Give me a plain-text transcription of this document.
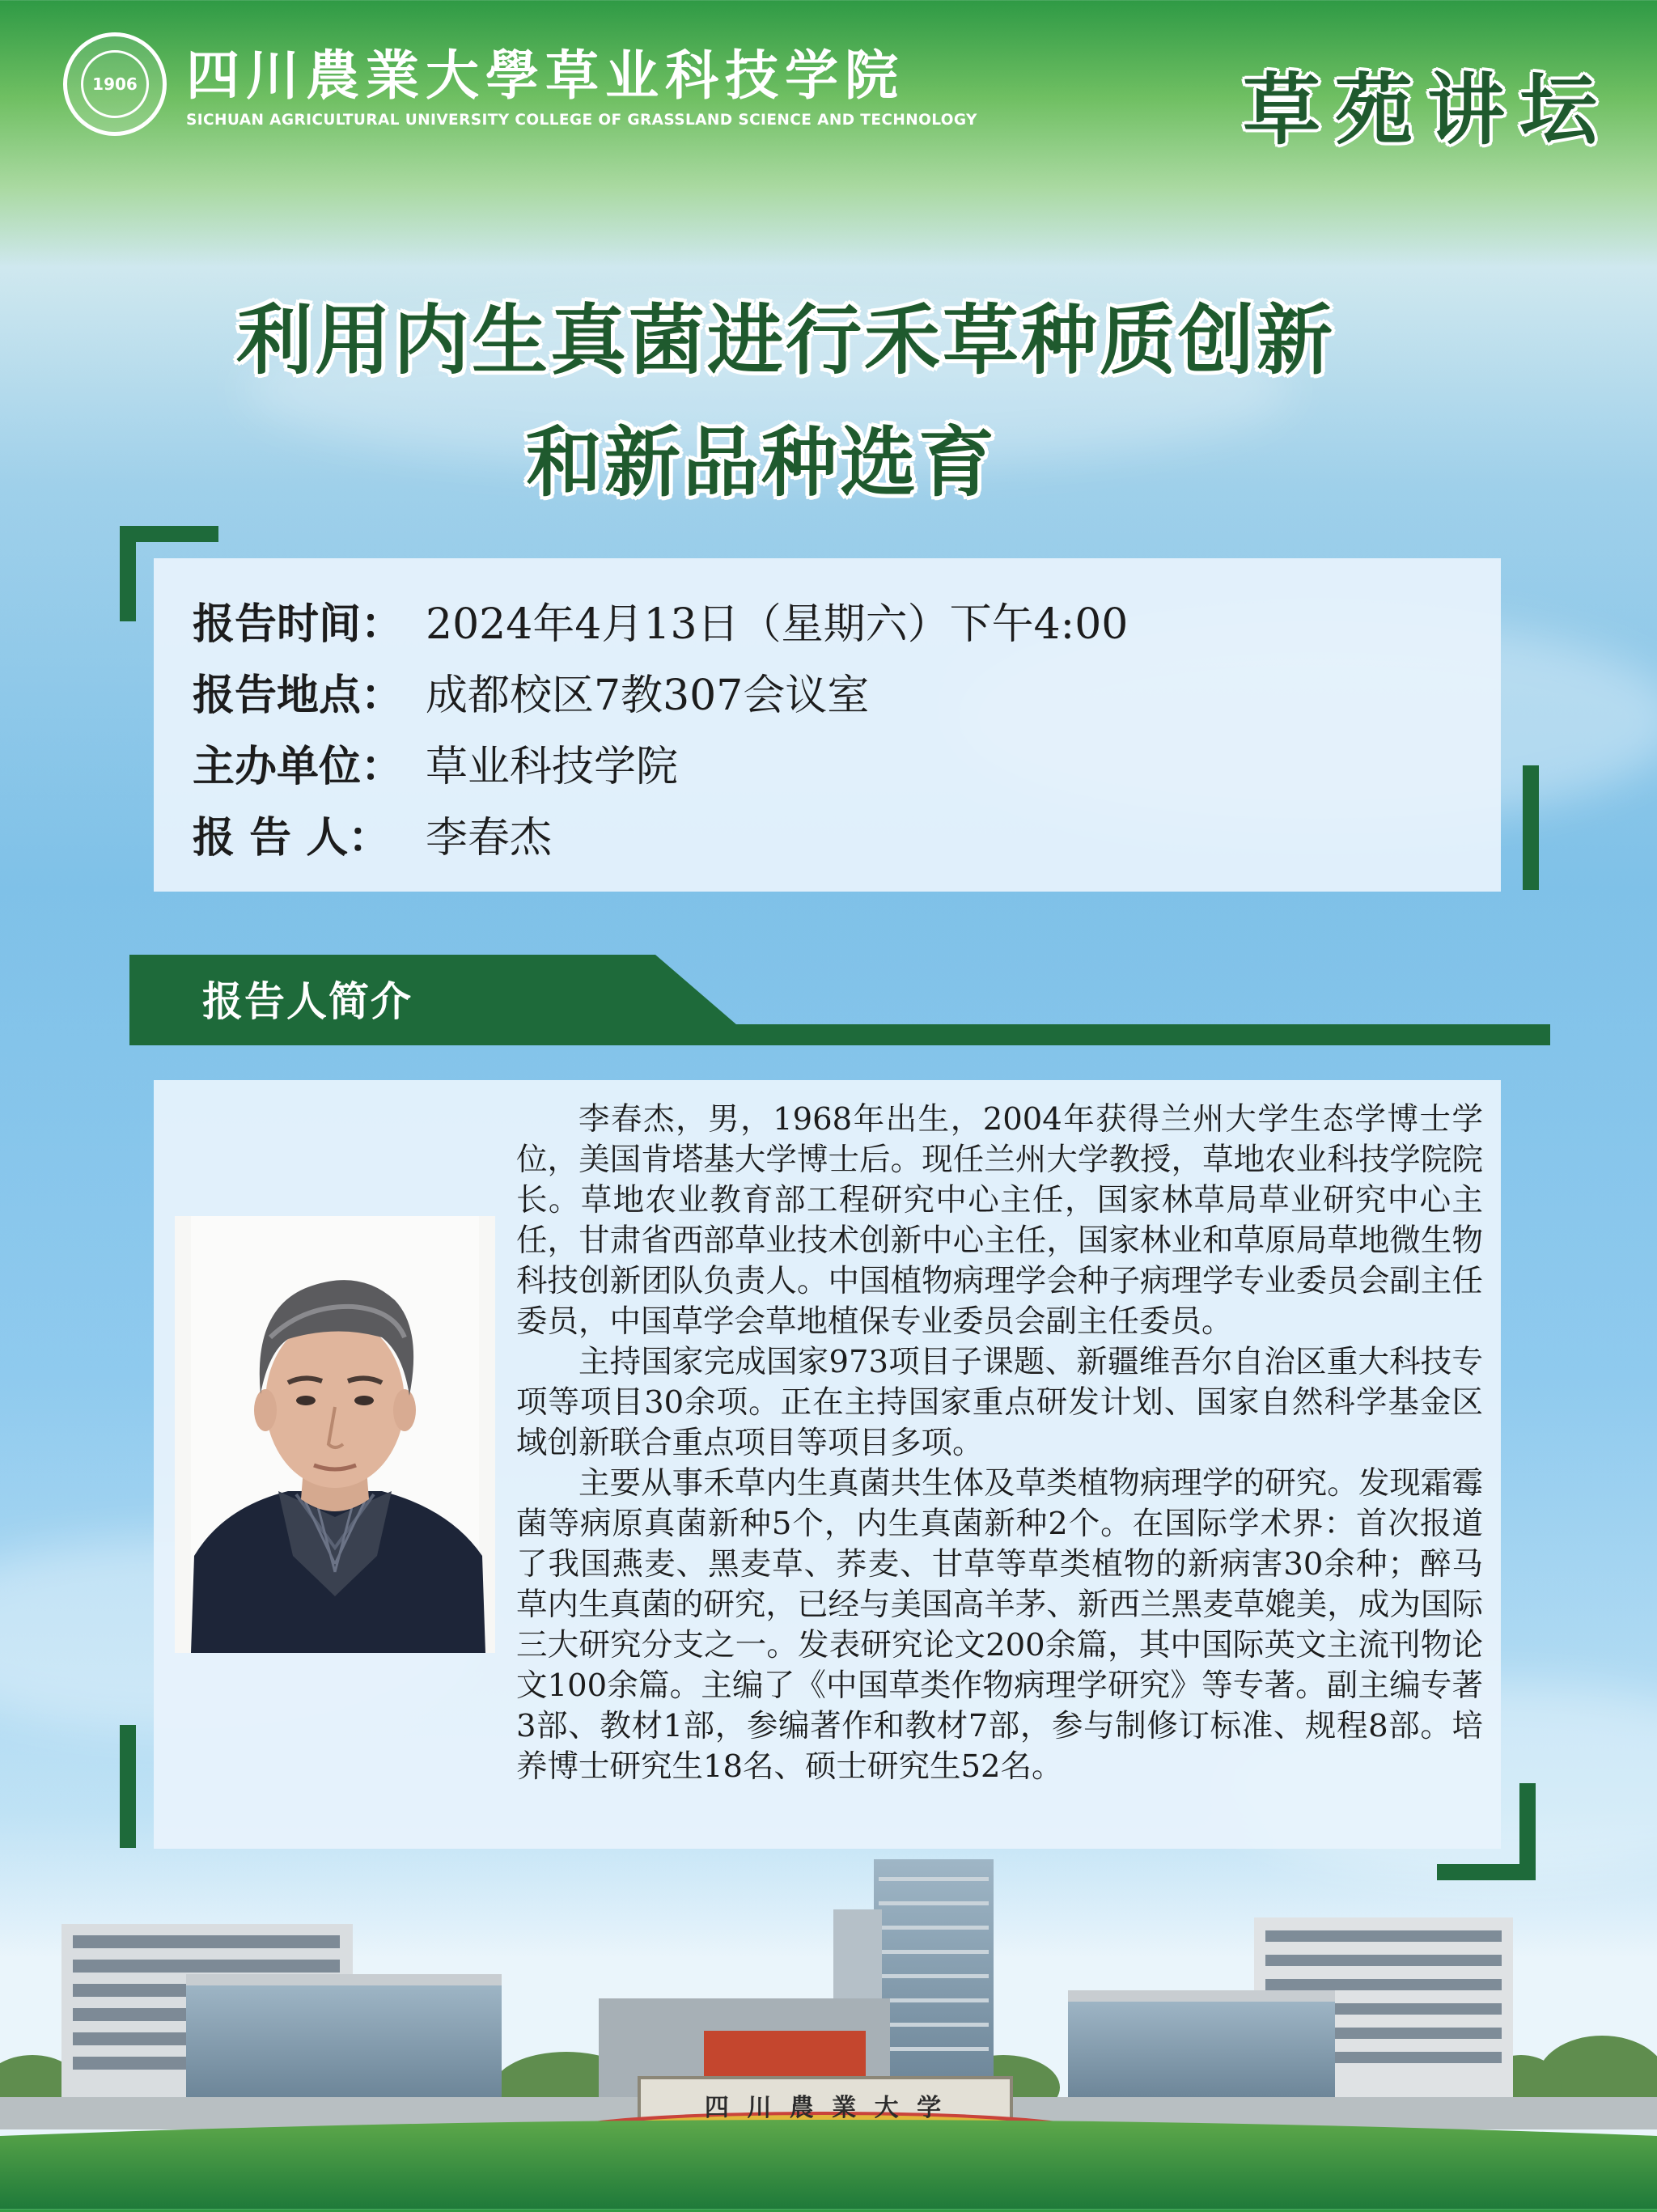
1906 四川農業大學草业科技学院
SICHUAN AGRICULTURAL UNIVERSITY COLLEGE OF GRASSLAND SCIENCE AND TECHNOLOGY	草苑讲坛
利用内生真菌进行禾草种质创新
和新品种选育
报告时间： 2024年4月13日（星期六）下午4:00
报告地点： 成都校区7教307会议室
主办单位： 草业科技学院
报 告 人： 李春杰
报告人简介

李春杰，男，1968年出生，2004年获得兰州大学生态学博士学位，美国肯塔基大学博士后。现任兰州大学教授，草地农业科技学院院长。草地农业教育部工程研究中心主任，国家林草局草业研究中心主任，甘肃省西部草业技术创新中心主任，国家林业和草原局草地微生物科技创新团队负责人。中国植物病理学会种子病理学专业委员会副主任委员，中国草学会草地植保专业委员会副主任委员。

主持国家完成国家973项目子课题、新疆维吾尔自治区重大科技专项等项目30余项。正在主持国家重点研发计划、国家自然科学基金区域创新联合重点项目等项目多项。

主要从事禾草内生真菌共生体及草类植物病理学的研究。发现霜霉菌等病原真菌新种5个，内生真菌新种2个。在国际学术界：首次报道了我国燕麦、黑麦草、荞麦、甘草等草类植物的新病害30余种；醉马草内生真菌的研究，已经与美国高羊茅、新西兰黑麦草媲美，成为国际三大研究分支之一。发表研究论文200余篇，其中国际英文主流刊物论文100余篇。主编了《中国草类作物病理学研究》等专著。副主编专著3部、教材1部，参编著作和教材7部，参与制修订标准、规程8部。培养博士研究生18名、硕士研究生52名。

四 川 農 業 大 学
